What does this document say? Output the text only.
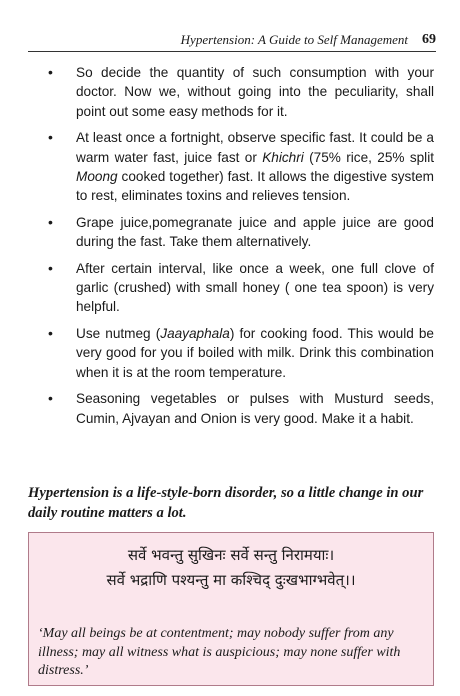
Hypertension: A Guide to Self Management 69
• So decide the quantity of such consumption with your doctor. Now we, without going into the peculiarity, shall point out some easy methods for it.
• At least once a fortnight, observe specific fast. It could be a warm water fast, juice fast or Khichri (75% rice, 25% split Moong cooked together) fast. It allows the digestive system to rest, eliminates toxins and relieves tension.
• Grape juice,pomegranate juice and apple juice are good during the fast. Take them alternatively.
• After certain interval, like once a week, one full clove of garlic (crushed) with small honey ( one tea spoon) is very helpful.
• Use nutmeg (Jaayaphala) for cooking food. This would be very good for you if boiled with milk. Drink this combination when it is at the room temperature.
• Seasoning vegetables or pulses with Musturd seeds, Cumin, Ajvayan and Onion is very good. Make it a habit.
Hypertension is a life-style-born disorder, so a little change in our daily routine matters a lot.
सर्वे भवन्तु सुखिनः सर्वे सन्तु निरामयाः।
सर्वे भद्राणि पश्यन्तु मा कश्चिद् दुःखभाग्भवेत्।।
‘May all beings be at contentment; may nobody suffer from any illness; may all witness what is auspicious; may none suffer with distress.’
